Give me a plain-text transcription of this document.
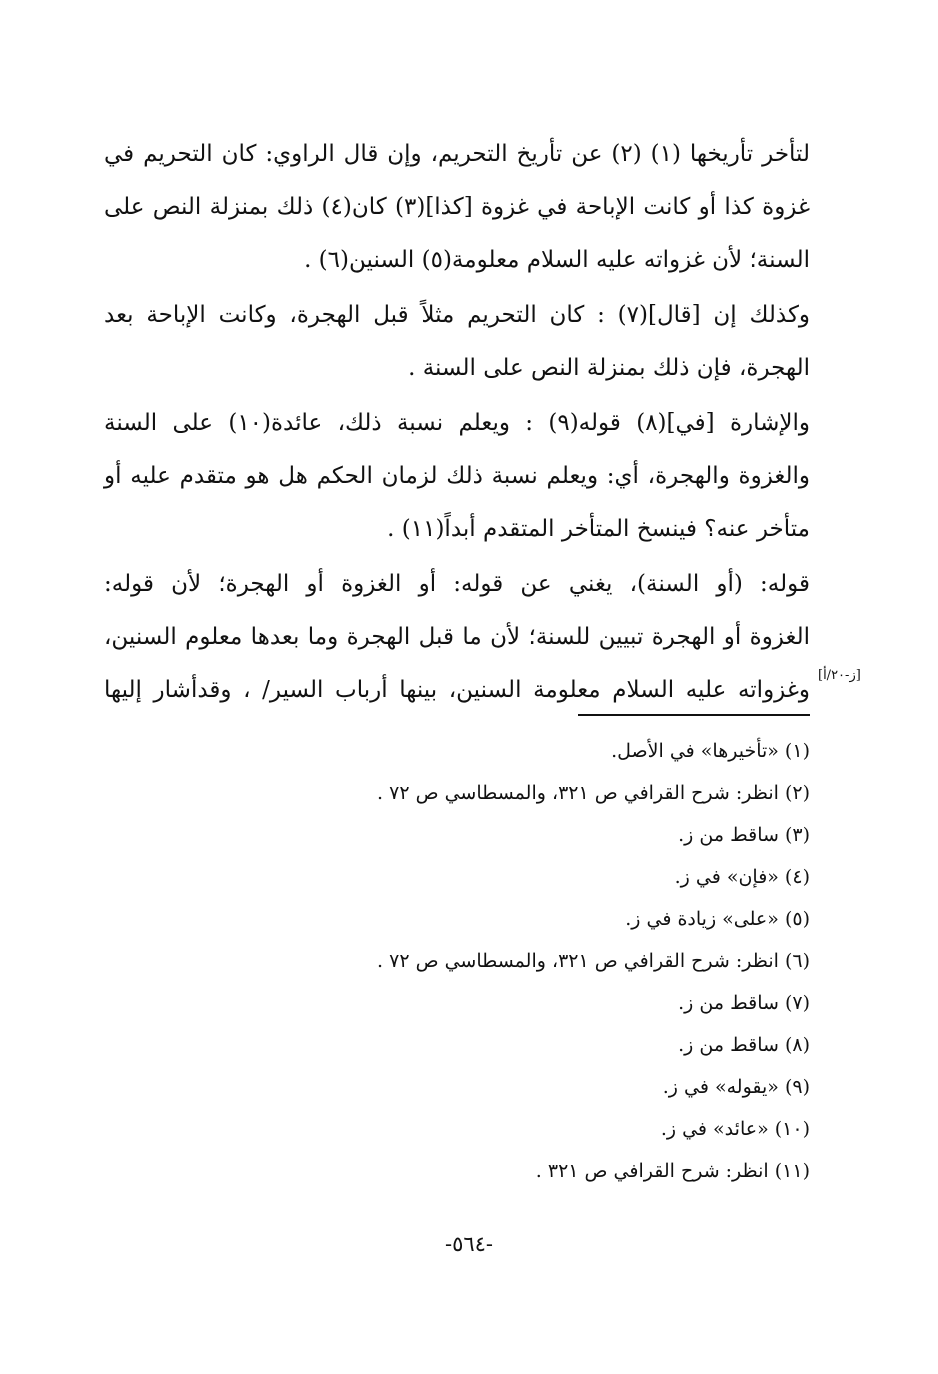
لتأخر تأريخها (١) (٢) عن تأريخ التحريم، وإن قال الراوي: كان التحريم في
غزوة كذا أو كانت الإباحة في غزوة [كذا](٣) كان(٤) ذلك بمنزلة النص على
السنة؛ لأن غزواته عليه السلام معلومة(٥) السنين(٦) .
وكذلك إن [قال](٧) : كان التحريم مثلاً قبل الهجرة، وكانت الإباحة بعد
الهجرة، فإن ذلك بمنزلة النص على السنة .
والإشارة [في](٨) قوله(٩) : ويعلم نسبة ذلك، عائدة(١٠) على السنة
والغزوة والهجرة، أي: ويعلم نسبة ذلك لزمان الحكم هل هو متقدم عليه أو
متأخر عنه؟ فينسخ المتأخر المتقدم أبداً(١١) .
قوله: (أو السنة)، يغني عن قوله: أو الغزوة أو الهجرة؛ لأن قوله:
الغزوة أو الهجرة تبيين للسنة؛ لأن ما قبل الهجرة وما بعدها معلوم السنين،
وغزواته عليه السلام معلومة السنين، بينها أرباب السير/ ، وقدأشار إليها
[ز-٢٠/أ]
(١) «تأخيرها» في الأصل.
(٢) انظر: شرح القرافي ص ٣٢١، والمسطاسي ص ٧٢ .
(٣) ساقط من ز.
(٤) «فإن» في ز.
(٥) «على» زيادة في ز.
(٦) انظر: شرح القرافي ص ٣٢١، والمسطاسي ص ٧٢ .
(٧) ساقط من ز.
(٨) ساقط من ز.
(٩) «يقوله» في ز.
(١٠) «عائد» في ز.
(١١) انظر: شرح القرافي ص ٣٢١ .
-٥٦٤-
